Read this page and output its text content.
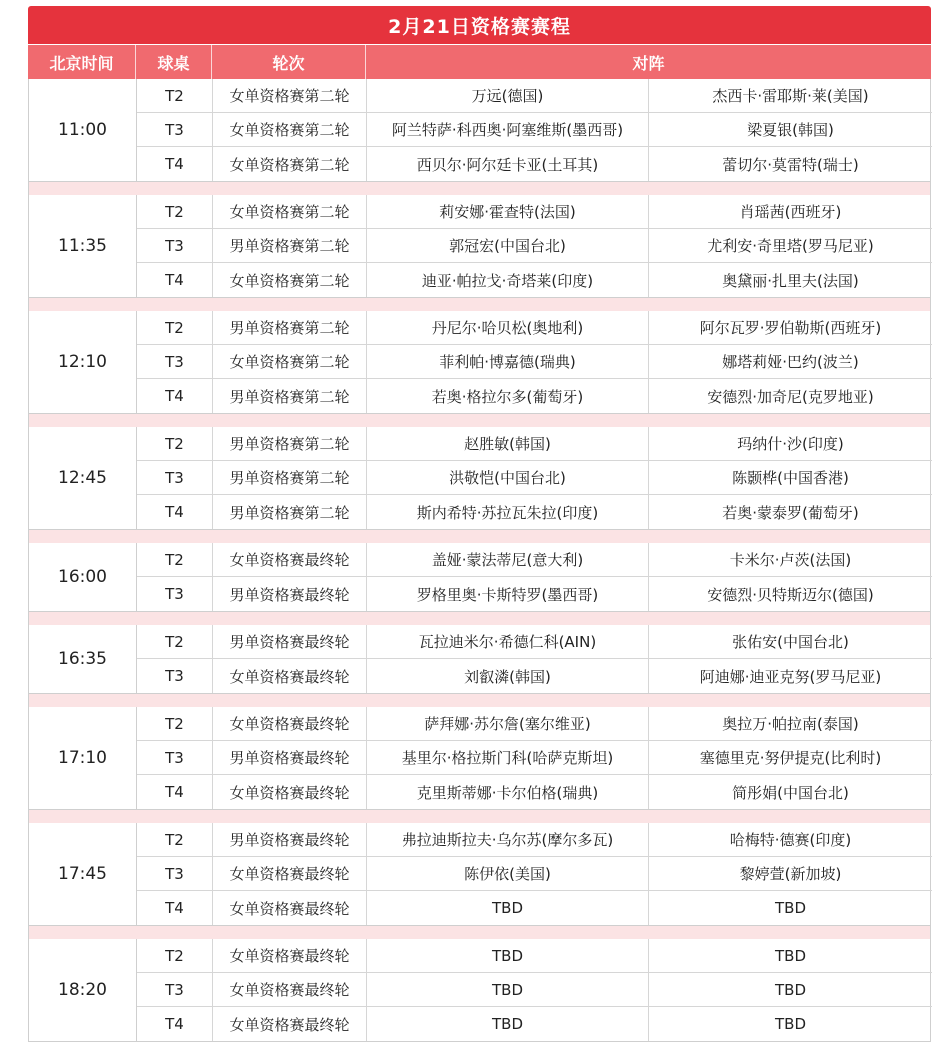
2月21日资格赛赛程
北京时间	球桌	轮次	对阵
11:00
T2	女单资格赛第二轮	万远(德国)	杰西卡·雷耶斯·莱(美国)
T3	女单资格赛第二轮	阿兰特萨·科西奥·阿塞维斯(墨西哥)	梁夏银(韩国)
T4	女单资格赛第二轮	西贝尔·阿尔廷卡亚(土耳其)	蕾切尔·莫雷特(瑞士)
11:35
T2	女单资格赛第二轮	莉安娜·霍查特(法国)	肖瑶茜(西班牙)
T3	男单资格赛第二轮	郭冠宏(中国台北)	尤利安·奇里塔(罗马尼亚)
T4	女单资格赛第二轮	迪亚·帕拉戈·奇塔莱(印度)	奥黛丽·扎里夫(法国)
12:10
T2	男单资格赛第二轮	丹尼尔·哈贝松(奥地利)	阿尔瓦罗·罗伯勒斯(西班牙)
T3	女单资格赛第二轮	菲利帕·博嘉德(瑞典)	娜塔莉娅·巴约(波兰)
T4	男单资格赛第二轮	若奥·格拉尔多(葡萄牙)	安德烈·加奇尼(克罗地亚)
12:45
T2	男单资格赛第二轮	赵胜敏(韩国)	玛纳什·沙(印度)
T3	男单资格赛第二轮	洪敬恺(中国台北)	陈颢桦(中国香港)
T4	男单资格赛第二轮	斯内希特·苏拉瓦朱拉(印度)	若奥·蒙泰罗(葡萄牙)
16:00
T2	女单资格赛最终轮	盖娅·蒙法蒂尼(意大利)	卡米尔·卢茨(法国)
T3	男单资格赛最终轮	罗格里奥·卡斯特罗(墨西哥)	安德烈·贝特斯迈尔(德国)
16:35
T2	男单资格赛最终轮	瓦拉迪米尔·希德仁科(AIN)	张佑安(中国台北)
T3	女单资格赛最终轮	刘叡潾(韩国)	阿迪娜·迪亚克努(罗马尼亚)
17:10
T2	女单资格赛最终轮	萨拜娜·苏尔詹(塞尔维亚)	奥拉万·帕拉南(泰国)
T3	男单资格赛最终轮	基里尔·格拉斯门科(哈萨克斯坦)	塞德里克·努伊提克(比利时)
T4	女单资格赛最终轮	克里斯蒂娜·卡尔伯格(瑞典)	简彤娟(中国台北)
17:45
T2	男单资格赛最终轮	弗拉迪斯拉夫·乌尔苏(摩尔多瓦)	哈梅特·德赛(印度)
T3	女单资格赛最终轮	陈伊依(美国)	黎婷萱(新加坡)
T4	女单资格赛最终轮	TBD	TBD
18:20
T2	女单资格赛最终轮	TBD	TBD
T3	女单资格赛最终轮	TBD	TBD
T4	女单资格赛最终轮	TBD	TBD
